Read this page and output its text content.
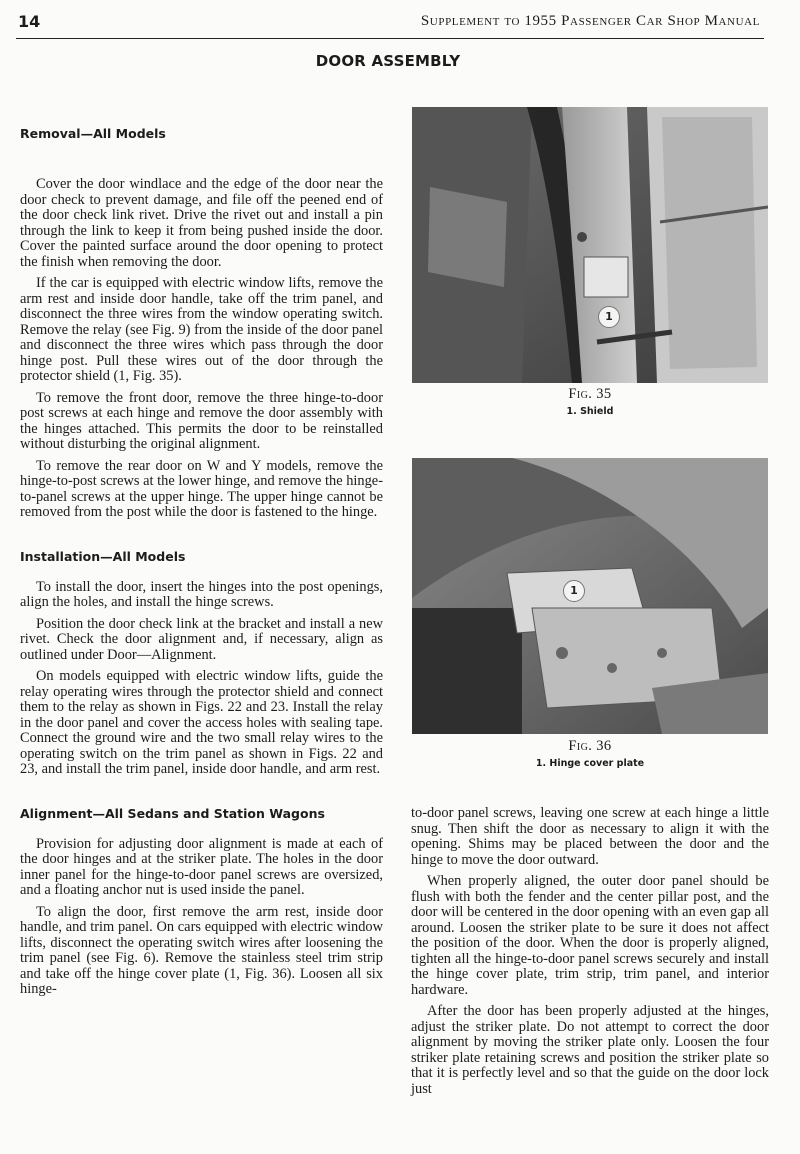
14	Supplement to 1955 Passenger Car Shop Manual
DOOR ASSEMBLY
Removal—All Models

Cover the door windlace and the edge of the door near the door check to prevent damage, and file off the peened end of the door check link rivet. Drive the rivet out and install a pin through the link to keep it from being pushed inside the door. Cover the painted surface around the door opening to protect the finish when removing the door.

If the car is equipped with electric window lifts, remove the arm rest and inside door handle, take off the trim panel, and disconnect the three wires from the window operating switch. Remove the relay (see Fig. 9) from the inside of the door panel and disconnect the three wires which pass through the door hinge post. Pull these wires out of the door through the protector shield (1, Fig. 35).

To remove the front door, remove the three hinge-to-door post screws at each hinge and remove the door assembly with the hinges attached. This permits the door to be reinstalled without disturbing the original alignment.

To remove the rear door on W and Y models, remove the hinge-to-post screws at the lower hinge, and remove the hinge-to-panel screws at the upper hinge. The upper hinge cannot be removed from the post while the door is fastened to the hinge.

Installation—All Models

To install the door, insert the hinges into the post openings, align the holes, and install the hinge screws.

Position the door check link at the bracket and install a new rivet. Check the door alignment and, if necessary, align as outlined under Door—Alignment.

On models equipped with electric window lifts, guide the relay operating wires through the protector shield and connect them to the relay as shown in Figs. 22 and 23. Install the relay in the door panel and cover the access holes with sealing tape. Connect the ground wire and the two small relay wires to the operating switch on the trim panel as shown in Figs. 22 and 23, and install the trim panel, inside door handle, and arm rest.

Alignment—All Sedans and Station Wagons

Provision for adjusting door alignment is made at each of the door hinges and at the striker plate. The holes in the door inner panel for the hinge-to-door panel screws are oversized, and a floating anchor nut is used inside the panel.

To align the door, first remove the arm rest, inside door handle, and trim panel. On cars equipped with electric window lifts, disconnect the operating switch wires after loosening the trim panel (see Fig. 6). Remove the stainless steel trim strip and take off the hinge cover plate (1, Fig. 36). Loosen all six hinge-

1
Fig. 35
1. Shield
1
Fig. 36
1. Hinge cover plate

to-door panel screws, leaving one screw at each hinge a little snug. Then shift the door as necessary to align it with the opening. Shims may be placed between the door and the hinge to move the door outward.

When properly aligned, the outer door panel should be flush with both the fender and the center pillar post, and the door will be centered in the door opening with an even gap all around. Loosen the striker plate to be sure it does not affect the position of the door. When the door is properly aligned, tighten all the hinge-to-door panel screws securely and install the hinge cover plate, trim strip, trim panel, and interior hardware.

After the door has been properly adjusted at the hinges, adjust the striker plate. Do not attempt to correct the door alignment by moving the striker plate only. Loosen the four striker plate retaining screws and position the striker plate so that it is perfectly level and so that the guide on the door lock just
